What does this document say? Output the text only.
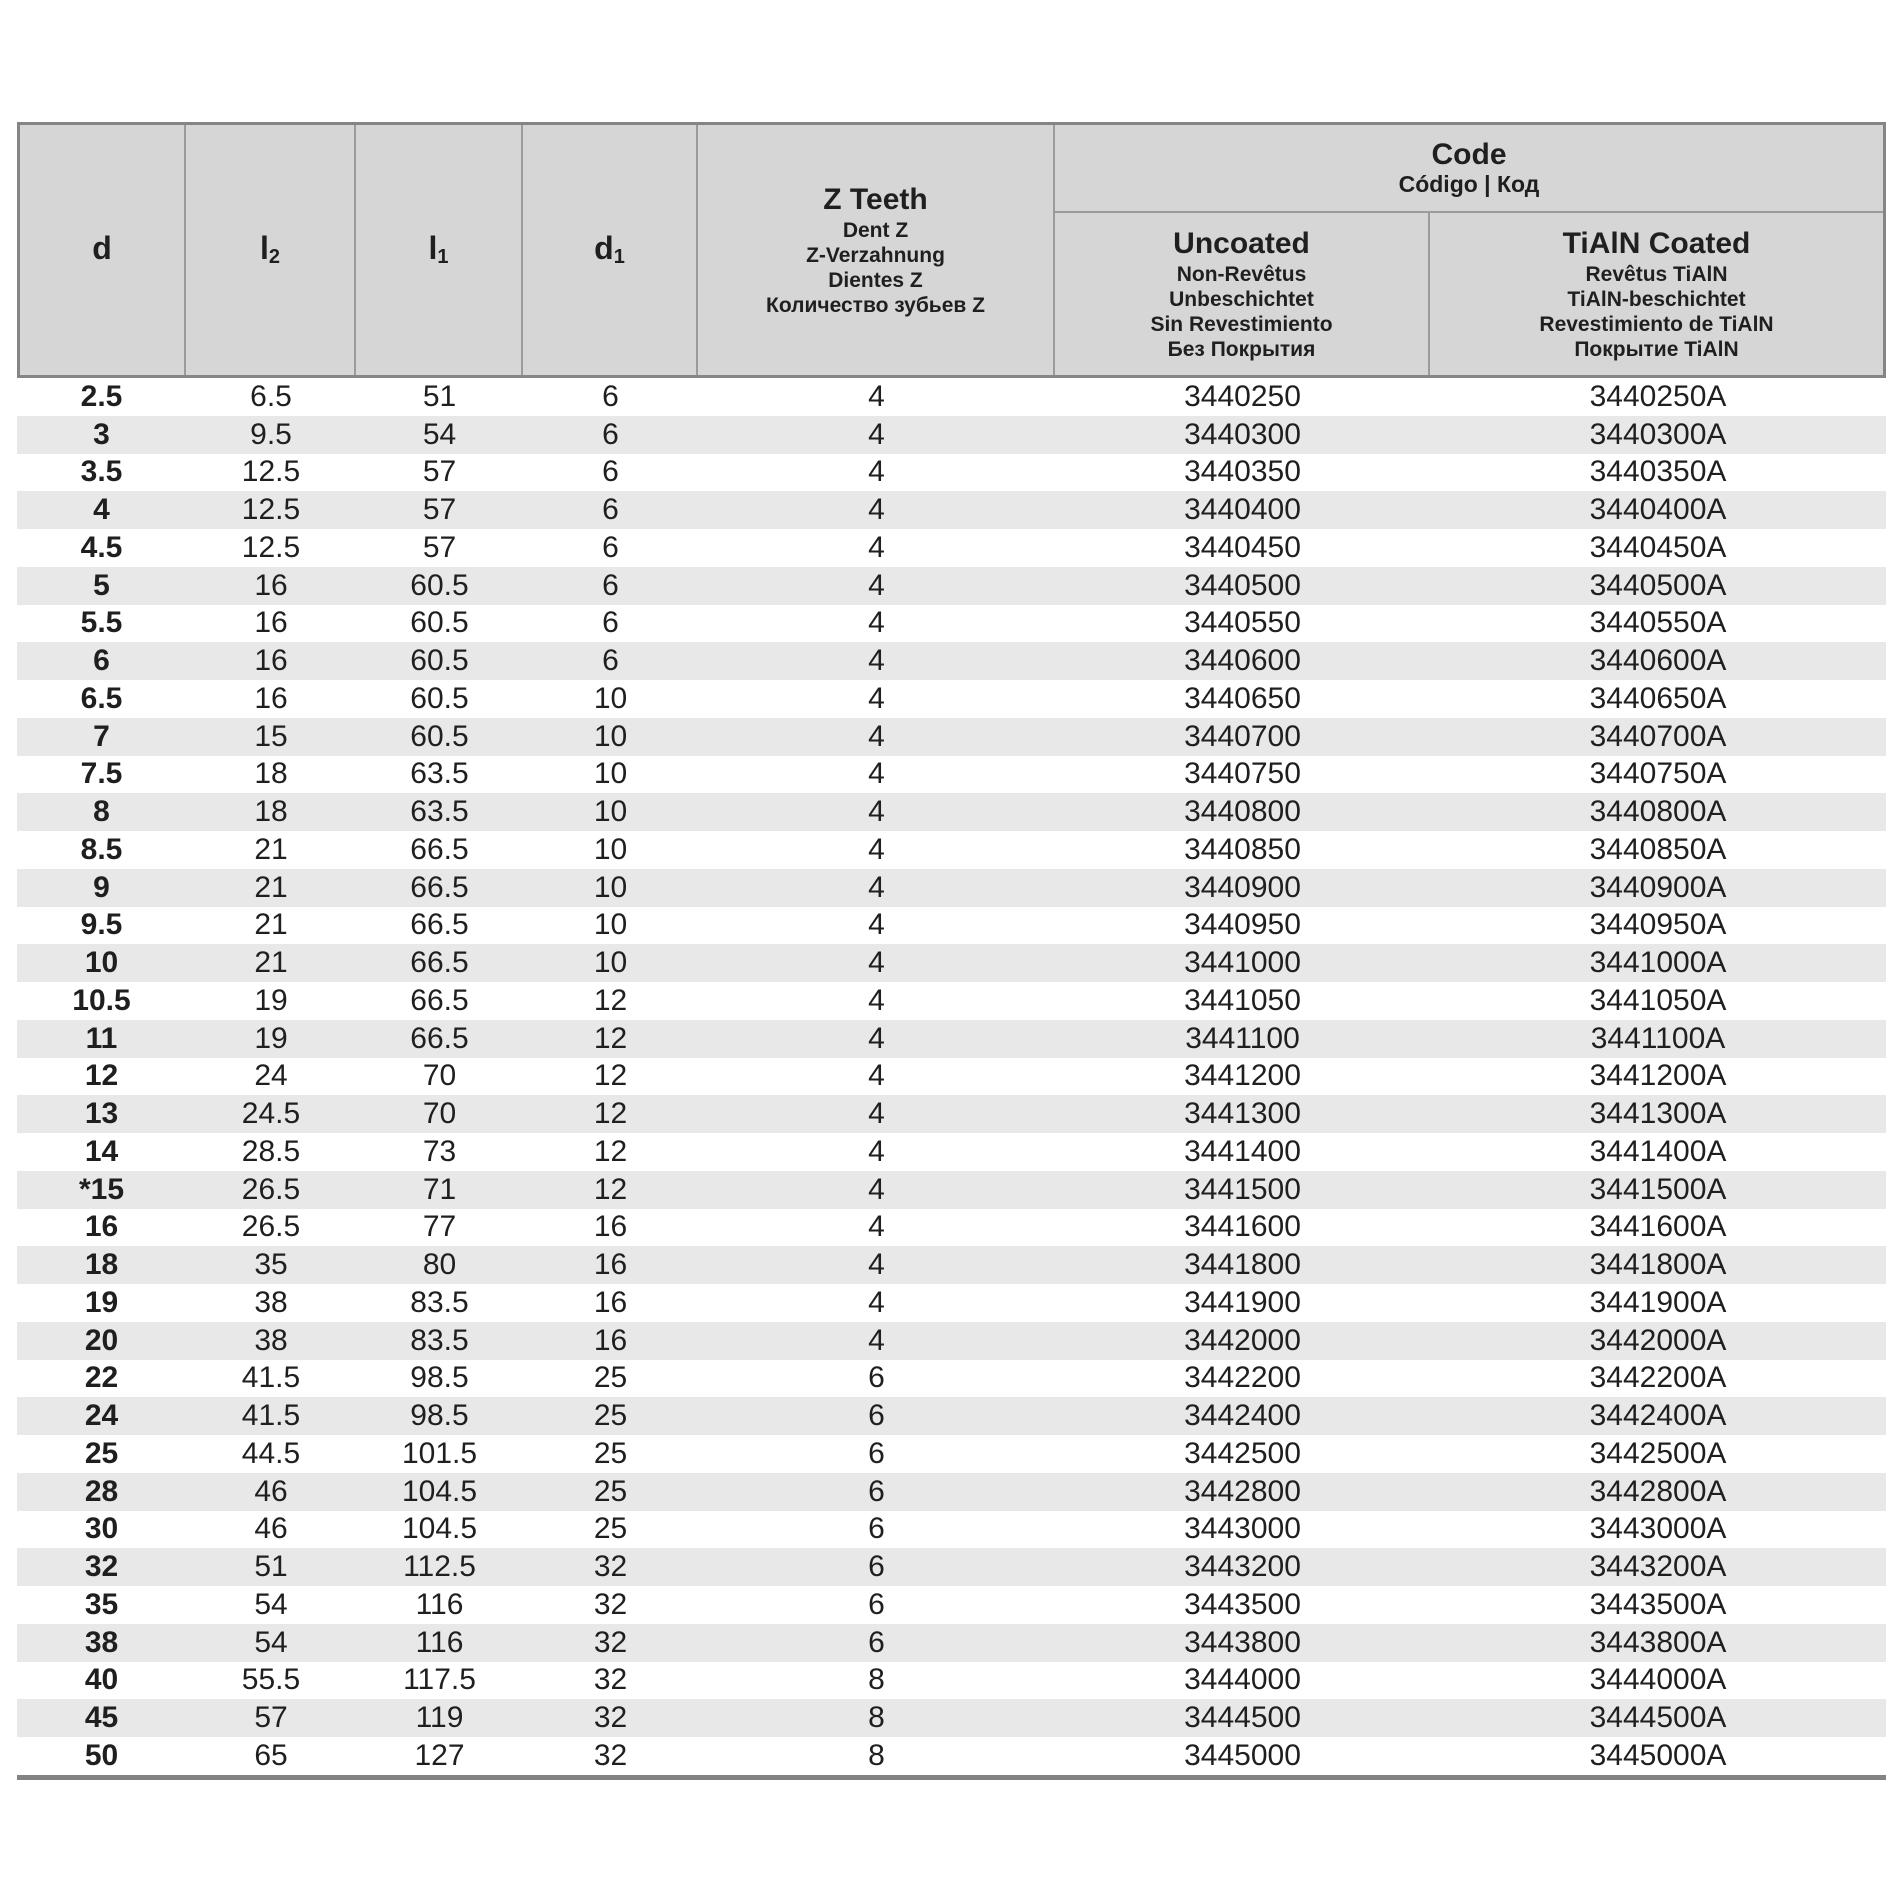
d	$l_2$	$l_1$	$d_1$
Z Teeth
Dent Z
Z-Verzahnung
Dientes Z
Количество зубьев Z
Code
Código | Код
Uncoated
Non-Revêtus
Unbeschichtet
Sin Revestimiento
Без Покрытия
TiAlN Coated
Revêtus TiAlN
TiAlN-beschichtet
Revestimiento de TiAlN
Покрытие TiAlN
2.5	6.5	51	6	4	3440250	3440250A
3	9.5	54	6	4	3440300	3440300A
3.5	12.5	57	6	4	3440350	3440350A
4	12.5	57	6	4	3440400	3440400A
4.5	12.5	57	6	4	3440450	3440450A
5	16	60.5	6	4	3440500	3440500A
5.5	16	60.5	6	4	3440550	3440550A
6	16	60.5	6	4	3440600	3440600A
6.5	16	60.5	10	4	3440650	3440650A
7	15	60.5	10	4	3440700	3440700A
7.5	18	63.5	10	4	3440750	3440750A
8	18	63.5	10	4	3440800	3440800A
8.5	21	66.5	10	4	3440850	3440850A
9	21	66.5	10	4	3440900	3440900A
9.5	21	66.5	10	4	3440950	3440950A
10	21	66.5	10	4	3441000	3441000A
10.5	19	66.5	12	4	3441050	3441050A
11	19	66.5	12	4	3441100	3441100A
12	24	70	12	4	3441200	3441200A
13	24.5	70	12	4	3441300	3441300A
14	28.5	73	12	4	3441400	3441400A
*15	26.5	71	12	4	3441500	3441500A
16	26.5	77	16	4	3441600	3441600A
18	35	80	16	4	3441800	3441800A
19	38	83.5	16	4	3441900	3441900A
20	38	83.5	16	4	3442000	3442000A
22	41.5	98.5	25	6	3442200	3442200A
24	41.5	98.5	25	6	3442400	3442400A
25	44.5	101.5	25	6	3442500	3442500A
28	46	104.5	25	6	3442800	3442800A
30	46	104.5	25	6	3443000	3443000A
32	51	112.5	32	6	3443200	3443200A
35	54	116	32	6	3443500	3443500A
38	54	116	32	6	3443800	3443800A
40	55.5	117.5	32	8	3444000	3444000A
45	57	119	32	8	3444500	3444500A
50	65	127	32	8	3445000	3445000A
